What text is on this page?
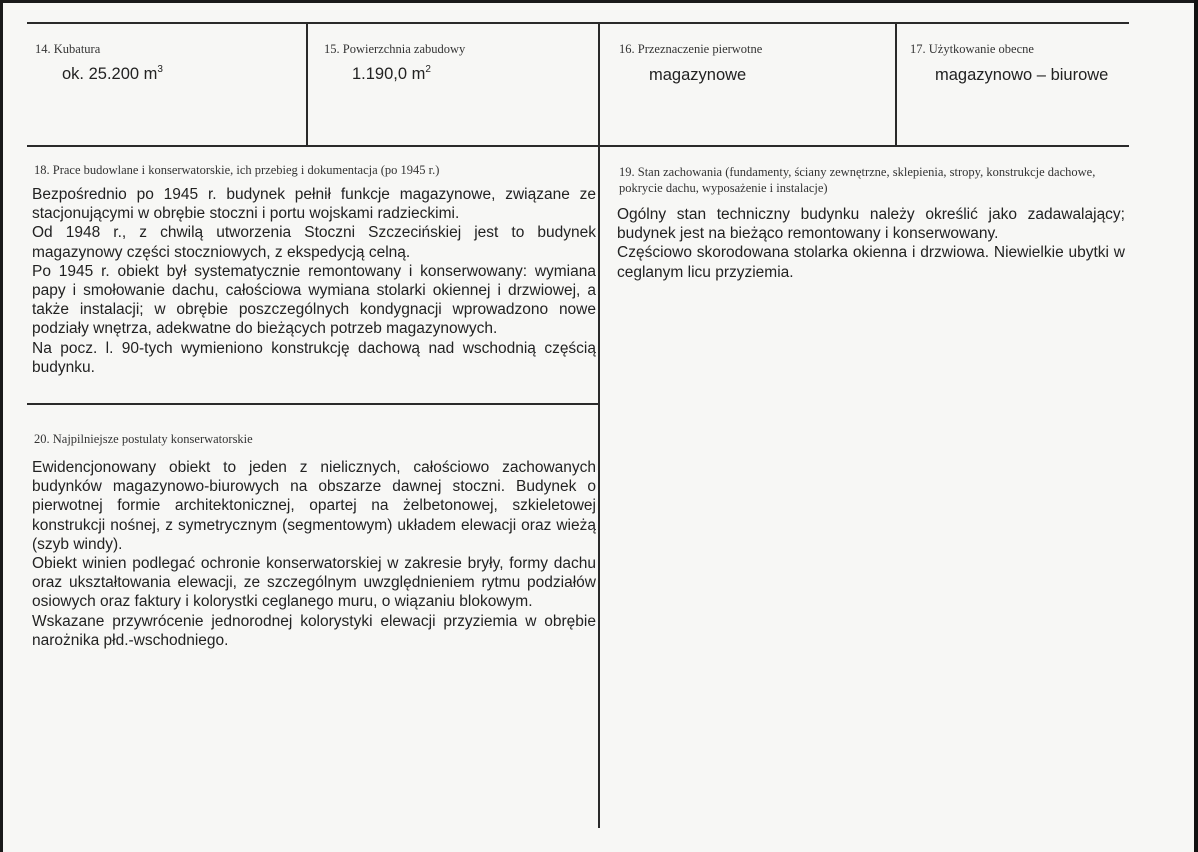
14. Kubatura
ok. 25.200 $m^3$
15. Powierzchnia zabudowy
1.190,0 $m^2$
16. Przeznaczenie pierwotne
magazynowe
17. Użytkowanie obecne
magazynowo – biurowe
18. Prace budowlane i konserwatorskie, ich przebieg i dokumentacja (po 1945 r.)
Bezpośrednio po 1945 r. budynek pełnił funkcje magazynowe, związane ze stacjonującymi w obrębie stoczni i portu wojskami radzieckimi.
Od 1948 r., z chwilą utworzenia Stoczni Szczecińskiej jest to budynek magazynowy części stoczniowych, z ekspedycją celną.
Po 1945 r. obiekt był systematycznie remontowany i konserwowany: wymiana papy i smołowanie dachu, całościowa wymiana stolarki okiennej i drzwiowej, a także instalacji; w obrębie poszczególnych kondygnacji wprowadzono nowe podziały wnętrza, adekwatne do bieżących potrzeb magazynowych.
Na pocz. l. 90-tych wymieniono konstrukcję dachową nad wschodnią częścią budynku.
19. Stan zachowania (fundamenty, ściany zewnętrzne, sklepienia, stropy, konstrukcje dachowe, pokrycie dachu, wyposażenie i instalacje)
Ogólny stan techniczny budynku należy określić jako zadawalający; budynek jest na bieżąco remontowany i konserwowany.
Częściowo skorodowana stolarka okienna i drzwiowa. Niewielkie ubytki w ceglanym licu przyziemia.
20. Najpilniejsze postulaty konserwatorskie
Ewidencjonowany obiekt to jeden z nielicznych, całościowo zachowanych budynków magazynowo-biurowych na obszarze dawnej stoczni. Budynek o pierwotnej formie architektonicznej, opartej na żelbetonowej, szkieletowej konstrukcji nośnej, z symetrycznym (segmentowym) układem elewacji oraz wieżą (szyb windy).
Obiekt winien podlegać ochronie konserwatorskiej w zakresie bryły, formy dachu oraz ukształtowania elewacji, ze szczególnym uwzględnieniem rytmu podziałów osiowych oraz faktury i kolorystki ceglanego muru, o wiązaniu blokowym.
Wskazane przywrócenie jednorodnej kolorystyki elewacji przyziemia w obrębie narożnika płd.-wschodniego.
